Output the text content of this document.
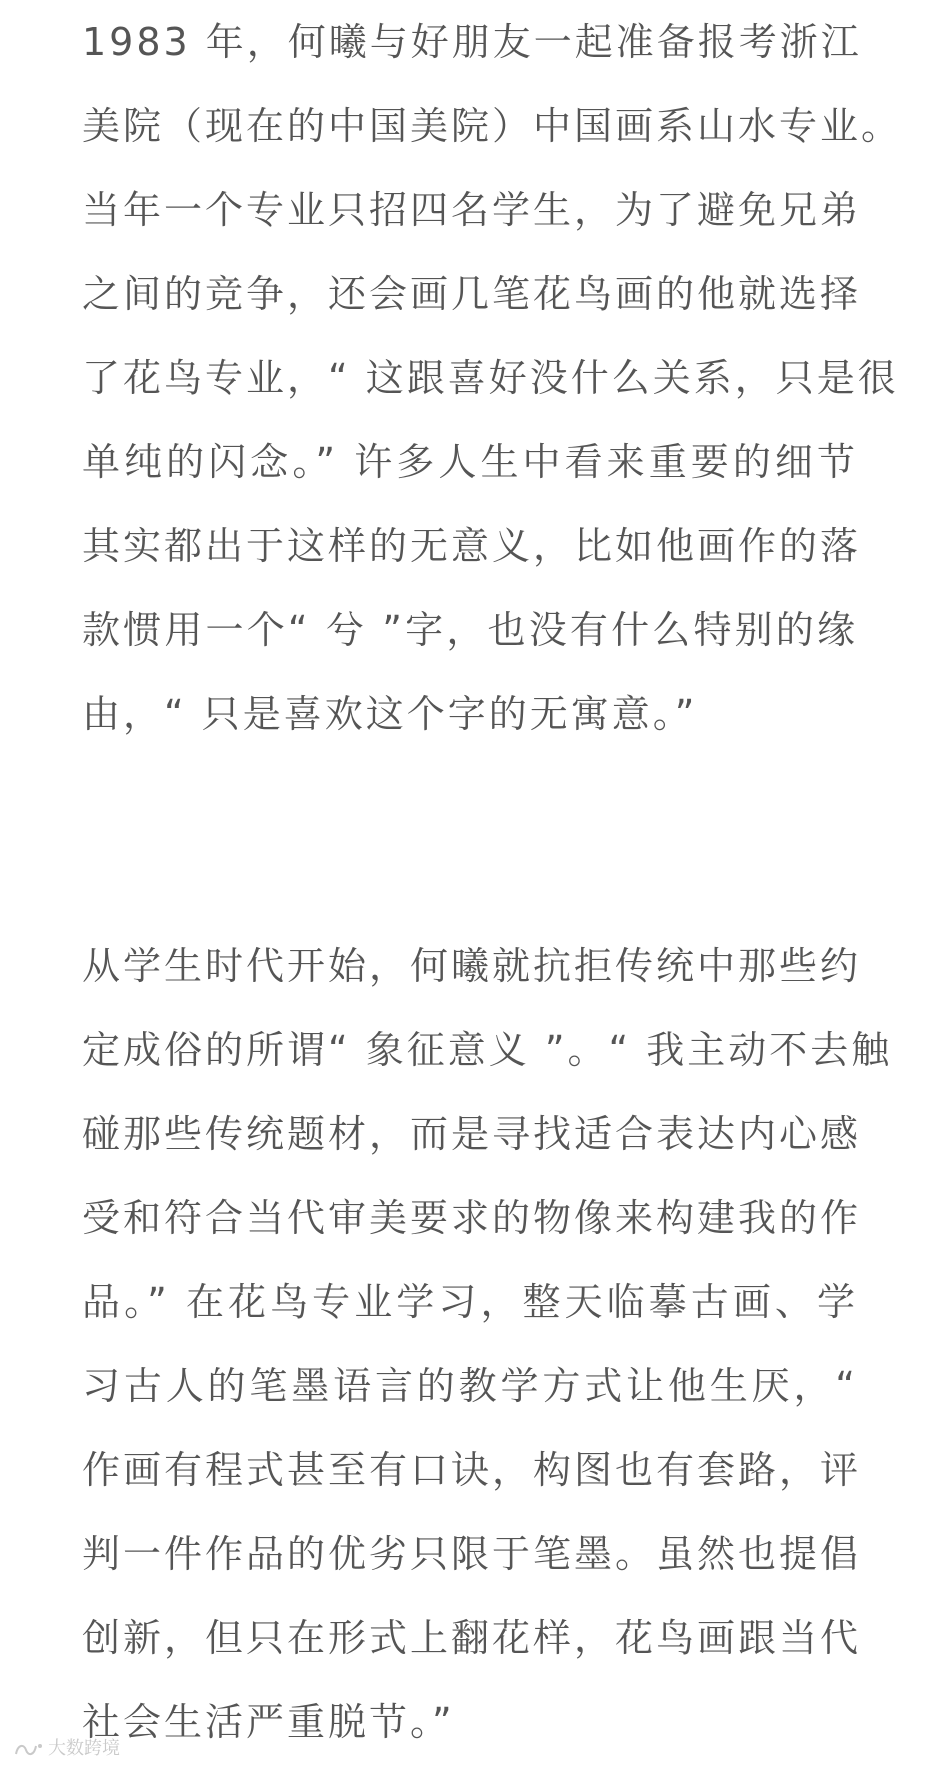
1983 年，何曦与好朋友一起准备报考浙江
美院（现在的中国美院）中国画系山水专业。
当年一个专业只招四名学生，为了避免兄弟
之间的竞争，还会画几笔花鸟画的他就选择
了花鸟专业，“ 这跟喜好没什么关系，只是很
单纯的闪念。” 许多人生中看来重要的细节
其实都出于这样的无意义，比如他画作的落
款惯用一个“ 兮 ”字，也没有什么特别的缘
由，“ 只是喜欢这个字的无寓意。”
从学生时代开始，何曦就抗拒传统中那些约
定成俗的所谓“ 象征意义 ”。“ 我主动不去触
碰那些传统题材，而是寻找适合表达内心感
受和符合当代审美要求的物像来构建我的作
品。” 在花鸟专业学习，整天临摹古画、学
习古人的笔墨语言的教学方式让他生厌，“
作画有程式甚至有口诀，构图也有套路，评
判一件作品的优劣只限于笔墨。虽然也提倡
创新，但只在形式上翻花样，花鸟画跟当代
社会生活严重脱节。”
大数跨境
